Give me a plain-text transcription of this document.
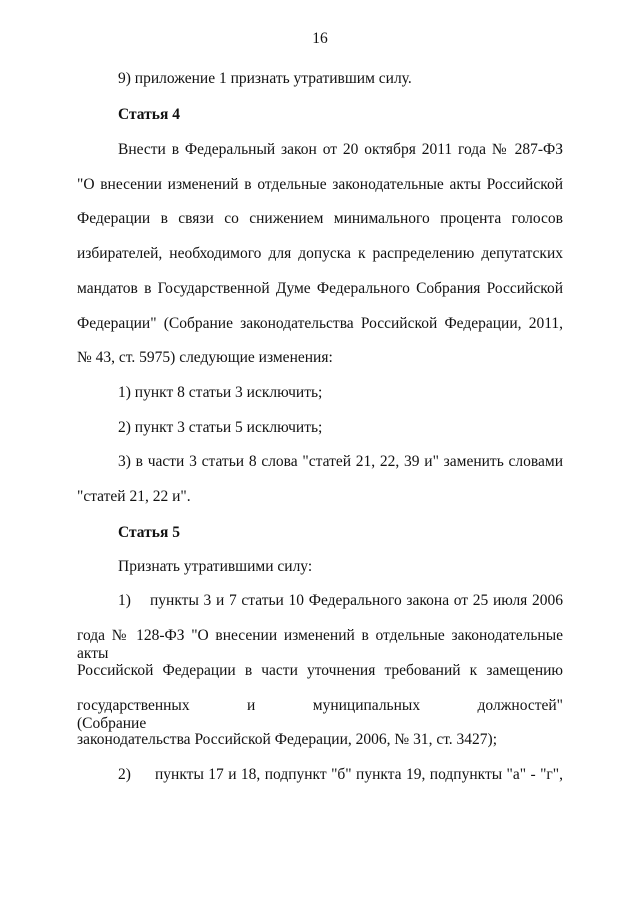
16
9) приложение 1 признать утратившим силу.
Статья 4
Внести в Федеральный закон от 20 октября 2011 года № 287-ФЗ
"О внесении изменений в отдельные законодательные акты Российской
Федерации в связи со снижением минимального процента голосов
избирателей, необходимого для допуска к распределению депутатских
мандатов в Государственной Думе Федерального Собрания Российской
Федерации" (Собрание законодательства Российской Федерации, 2011,
№ 43, ст. 5975) следующие изменения:
1) пункт 8 статьи 3 исключить;
2) пункт 3 статьи 5 исключить;
3) в части 3 статьи 8 слова "статей 21, 22, 39 и" заменить словами
"статей 21, 22 и".
Статья 5
Признать утратившими силу:
1) пункты 3 и 7 статьи 10 Федерального закона от 25 июля 2006
года № 128-ФЗ "О внесении изменений в отдельные законодательные акты
Российской Федерации в части уточнения требований к замещению
государственных и муниципальных должностей" (Собрание
законодательства Российской Федерации, 2006, № 31, ст. 3427);
2) пункты 17 и 18, подпункт "б" пункта 19, подпункты "а" - "г",
